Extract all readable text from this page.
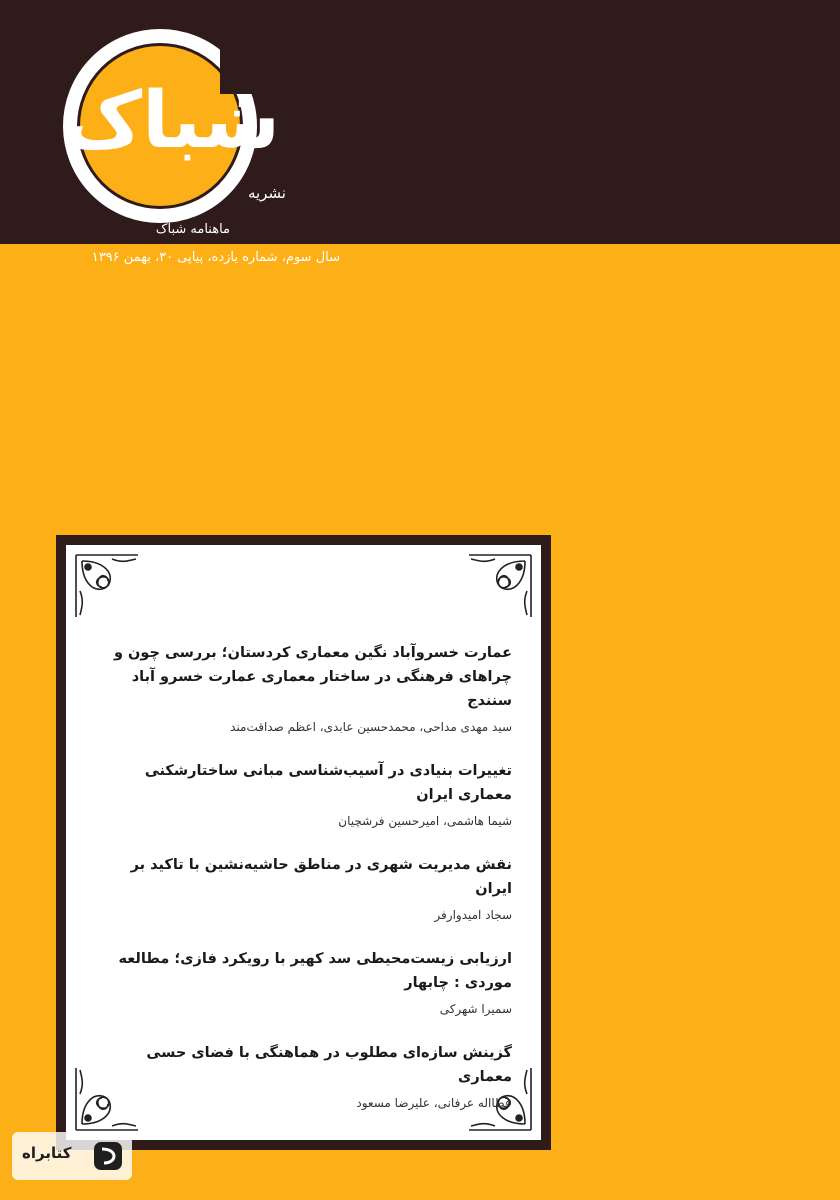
شباک
نشریه
ماهنامه شباک
سال سوم، شماره یازده، پیاپی ۳۰، بهمن ۱۳۹۶

عمارت خسروآباد نگین معماری کردستان؛ بررسی چون و چراهای فرهنگی در ساختار معماری عمارت خسرو آباد سنندج

سید مهدی مداحی، محمدحسین عابدی، اعظم صداقت‌مند

تغییرات بنیادی در آسیب‌شناسی مبانی ساختارشکنی معماری ایران

شیما هاشمی، امیرحسین فرشچیان

نقش مدیریت شهری در مناطق حاشیه‌نشین با تاکید بر ایران

سجاد امیدوارفر

ارزیابی زیست‌محیطی سد کهیر با رویکرد فازی؛ مطالعه موردی : چابهار

سمیرا شهرکی

گزینش سازه‌ای مطلوب در هماهنگی با فضای حسی معماری

عطااله عرفانی، علیرضا مسعود
کتابراه
